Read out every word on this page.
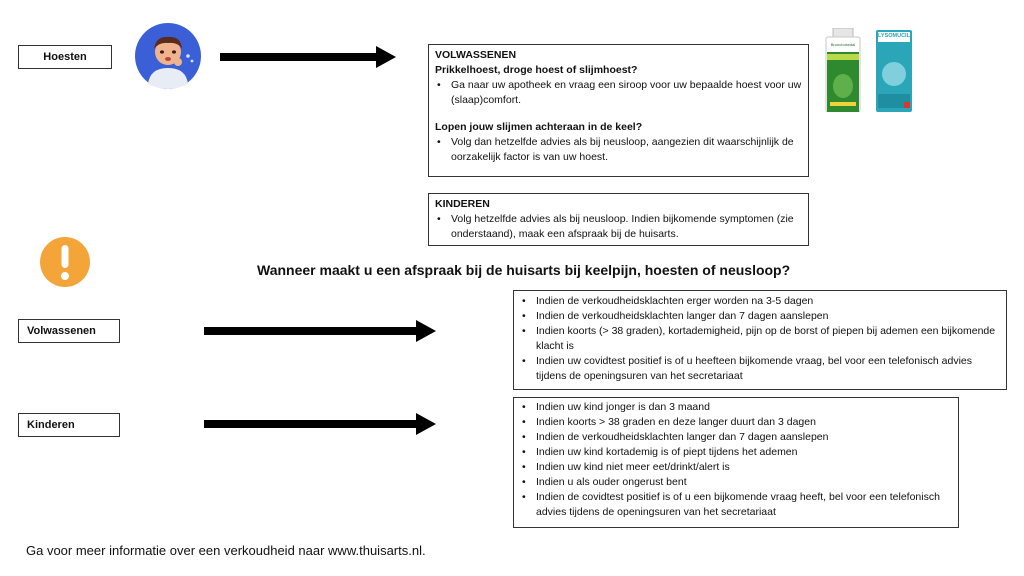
Hoesten	VOLWASSENEN

Prikkelhoest, droge hoest of slijmhoest?

• Ga naar uw apotheek en vraag een siroop voor uw bepaalde hoest voor uw (slaap)comfort.

Lopen jouw slijmen achteraan in de keel?

• Volg dan hetzelfde advies als bij neusloop, aangezien dit waarschijnlijk de oorzakelijk factor is van uw hoest.

KINDEREN

• Volg hetzelfde advies als bij neusloop. Indien bijkomende symptomen (zie onderstaand), maak een afspraak bij de huisarts.
Bronchosedal
LYSOMUCIL
Wanneer maakt u een afspraak bij de huisarts bij keelpijn, hoesten of neusloop?
Volwassenen
• Indien de verkoudheidsklachten erger worden na 3-5 dagen
• Indien de verkoudheidsklachten langer dan 7 dagen aanslepen
• Indien koorts (> 38 graden), kortademigheid, pijn op de borst of piepen bij ademen een bijkomende klacht is
• Indien uw covidtest positief is of u heefteen bijkomende vraag, bel voor een telefonisch advies tijdens de openingsuren van het secretariaat
Kinderen
• Indien uw kind jonger is dan 3 maand
• Indien koorts > 38 graden en deze langer duurt dan 3 dagen
• Indien de verkoudheidsklachten langer dan 7 dagen aanslepen
• Indien uw kind kortademig is of piept tijdens het ademen
• Indien uw kind niet meer eet/drinkt/alert is
• Indien u als ouder ongerust bent
• Indien de covidtest positief is of u een bijkomende vraag heeft, bel voor een telefonisch advies tijdens de openingsuren van het secretariaat
Ga voor meer informatie over een verkoudheid naar www.thuisarts.nl.
